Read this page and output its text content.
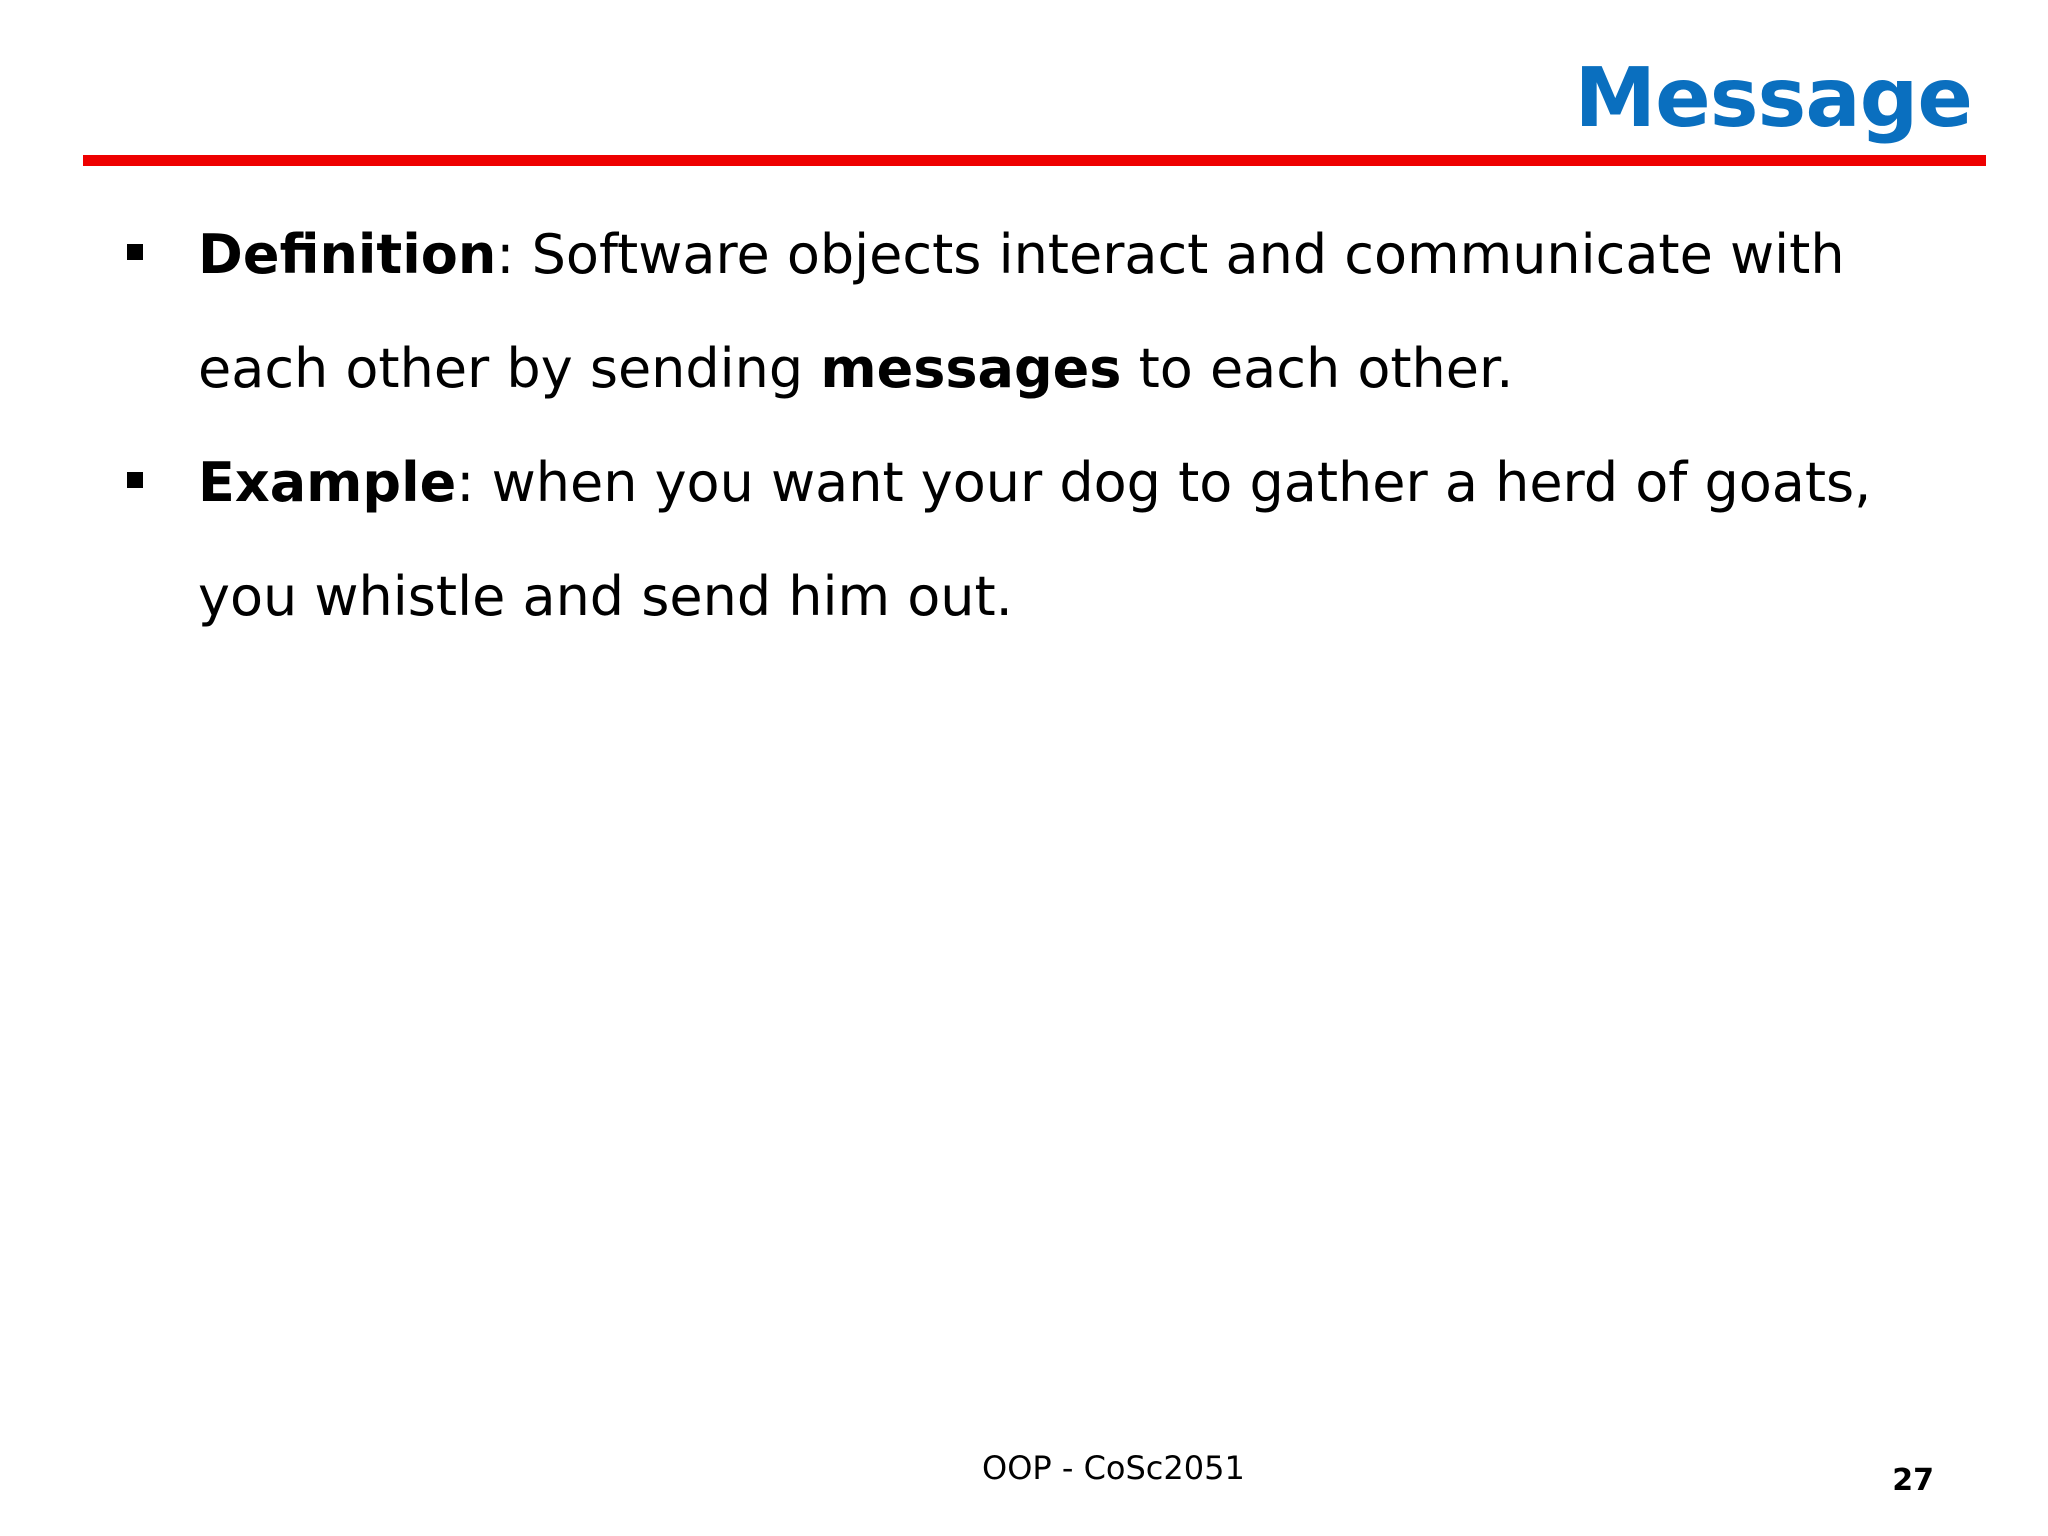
Message
Definition: Software objects interact and communicate with each other by sending messages to each other.
Example: when you want your dog to gather a herd of goats, you whistle and send him out.
OOP - CoSc2051	27
